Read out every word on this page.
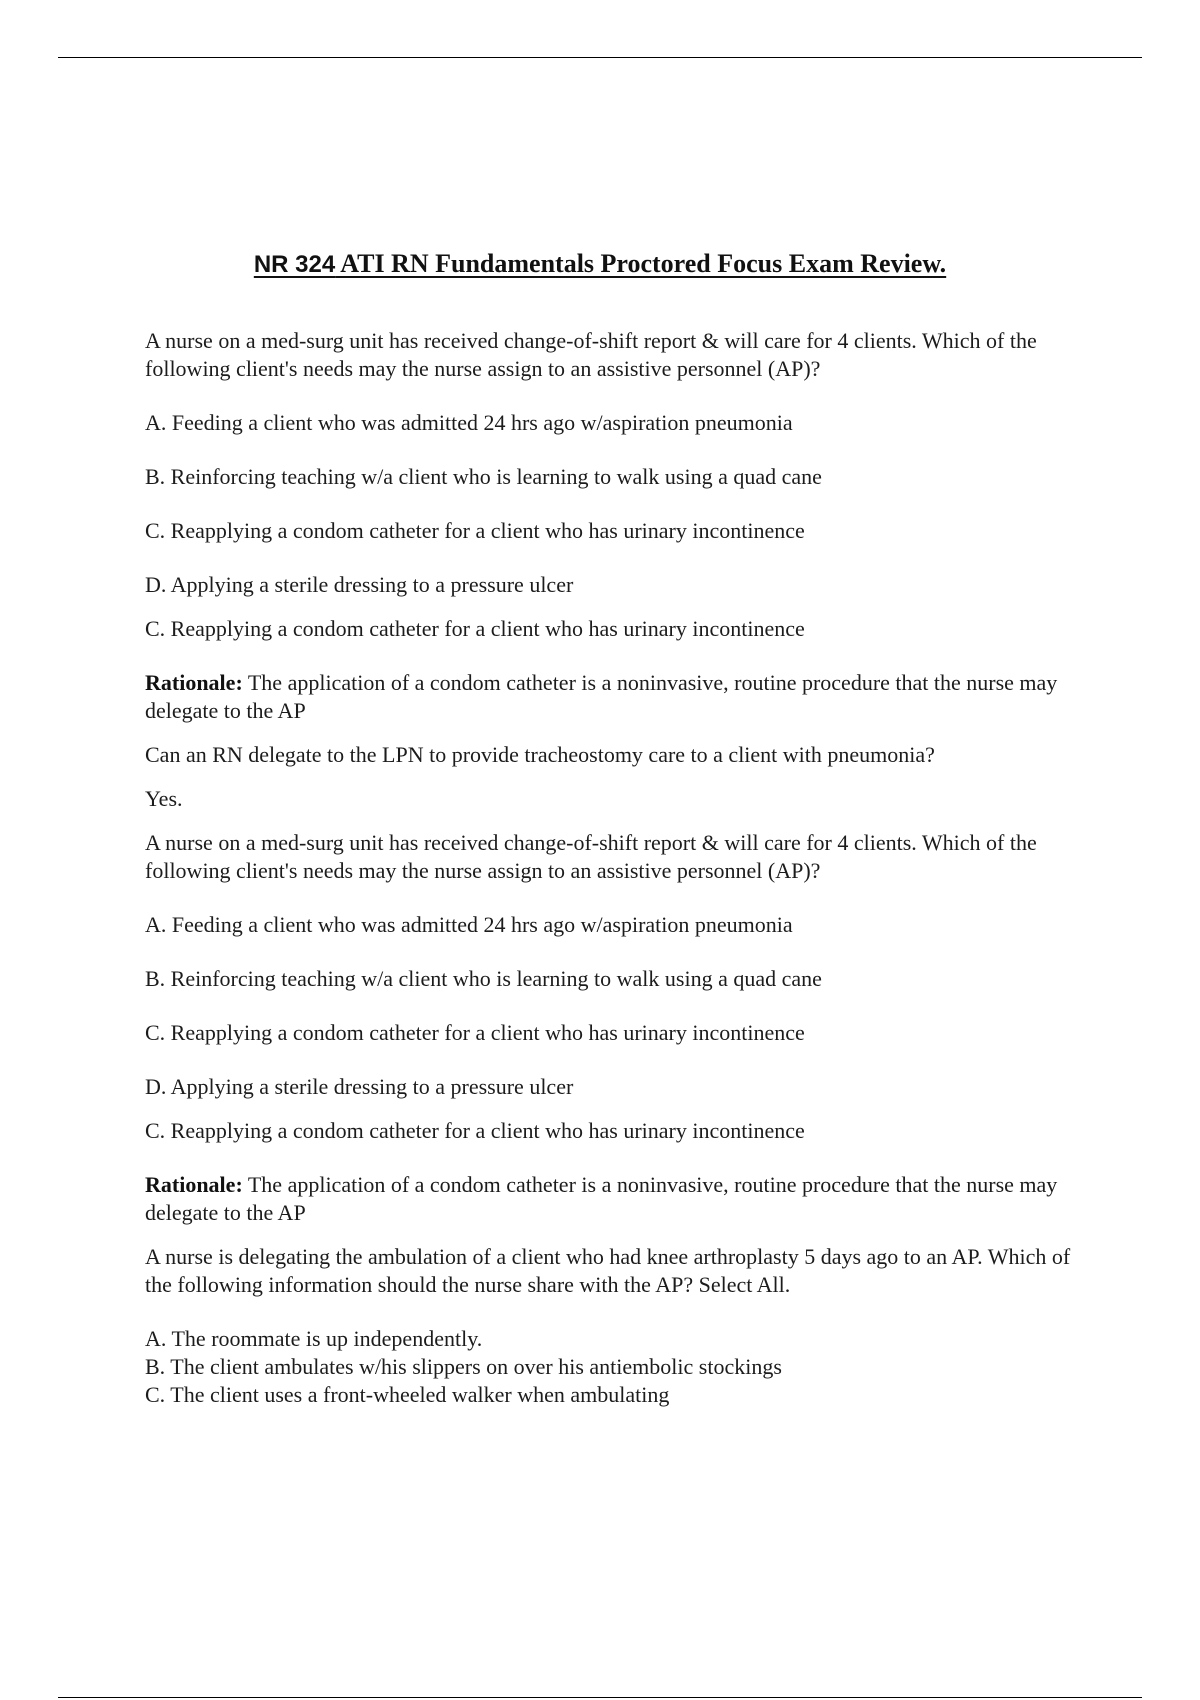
NR 324 ATI RN Fundamentals Proctored Focus Exam Review.

A nurse on a med-surg unit has received change-of-shift report & will care for 4 clients. Which of the following client's needs may the nurse assign to an assistive personnel (AP)?

A. Feeding a client who was admitted 24 hrs ago w/aspiration pneumonia

B. Reinforcing teaching w/a client who is learning to walk using a quad cane

C. Reapplying a condom catheter for a client who has urinary incontinence

D. Applying a sterile dressing to a pressure ulcer

C. Reapplying a condom catheter for a client who has urinary incontinence

Rationale: The application of a condom catheter is a noninvasive, routine procedure that the nurse may delegate to the AP

Can an RN delegate to the LPN to provide tracheostomy care to a client with pneumonia?

Yes.

A nurse on a med-surg unit has received change-of-shift report & will care for 4 clients. Which of the following client's needs may the nurse assign to an assistive personnel (AP)?

A. Feeding a client who was admitted 24 hrs ago w/aspiration pneumonia

B. Reinforcing teaching w/a client who is learning to walk using a quad cane

C. Reapplying a condom catheter for a client who has urinary incontinence

D. Applying a sterile dressing to a pressure ulcer

C. Reapplying a condom catheter for a client who has urinary incontinence

Rationale: The application of a condom catheter is a noninvasive, routine procedure that the nurse may delegate to the AP

A nurse is delegating the ambulation of a client who had knee arthroplasty 5 days ago to an AP. Which of the following information should the nurse share with the AP? Select All.

A. The roommate is up independently.

B. The client ambulates w/his slippers on over his antiembolic stockings

C. The client uses a front-wheeled walker when ambulating
